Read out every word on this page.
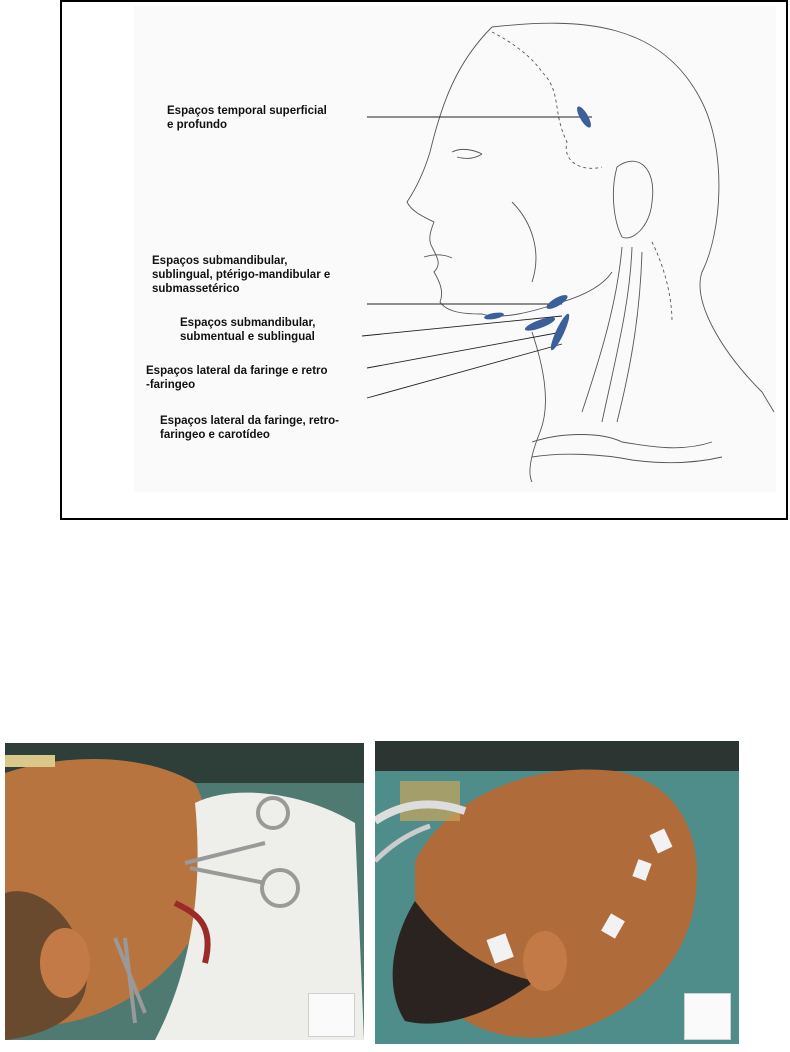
Espaços temporal superficial
e profundo
Espaços submandibular,
sublingual, ptérigo-mandibular e
submassetérico
Espaços submandibular,
submentual e sublingual
Espaços lateral da faringe e retro
-faringeo
Espaços lateral da faringe, retro-
faringeo e carotídeo
